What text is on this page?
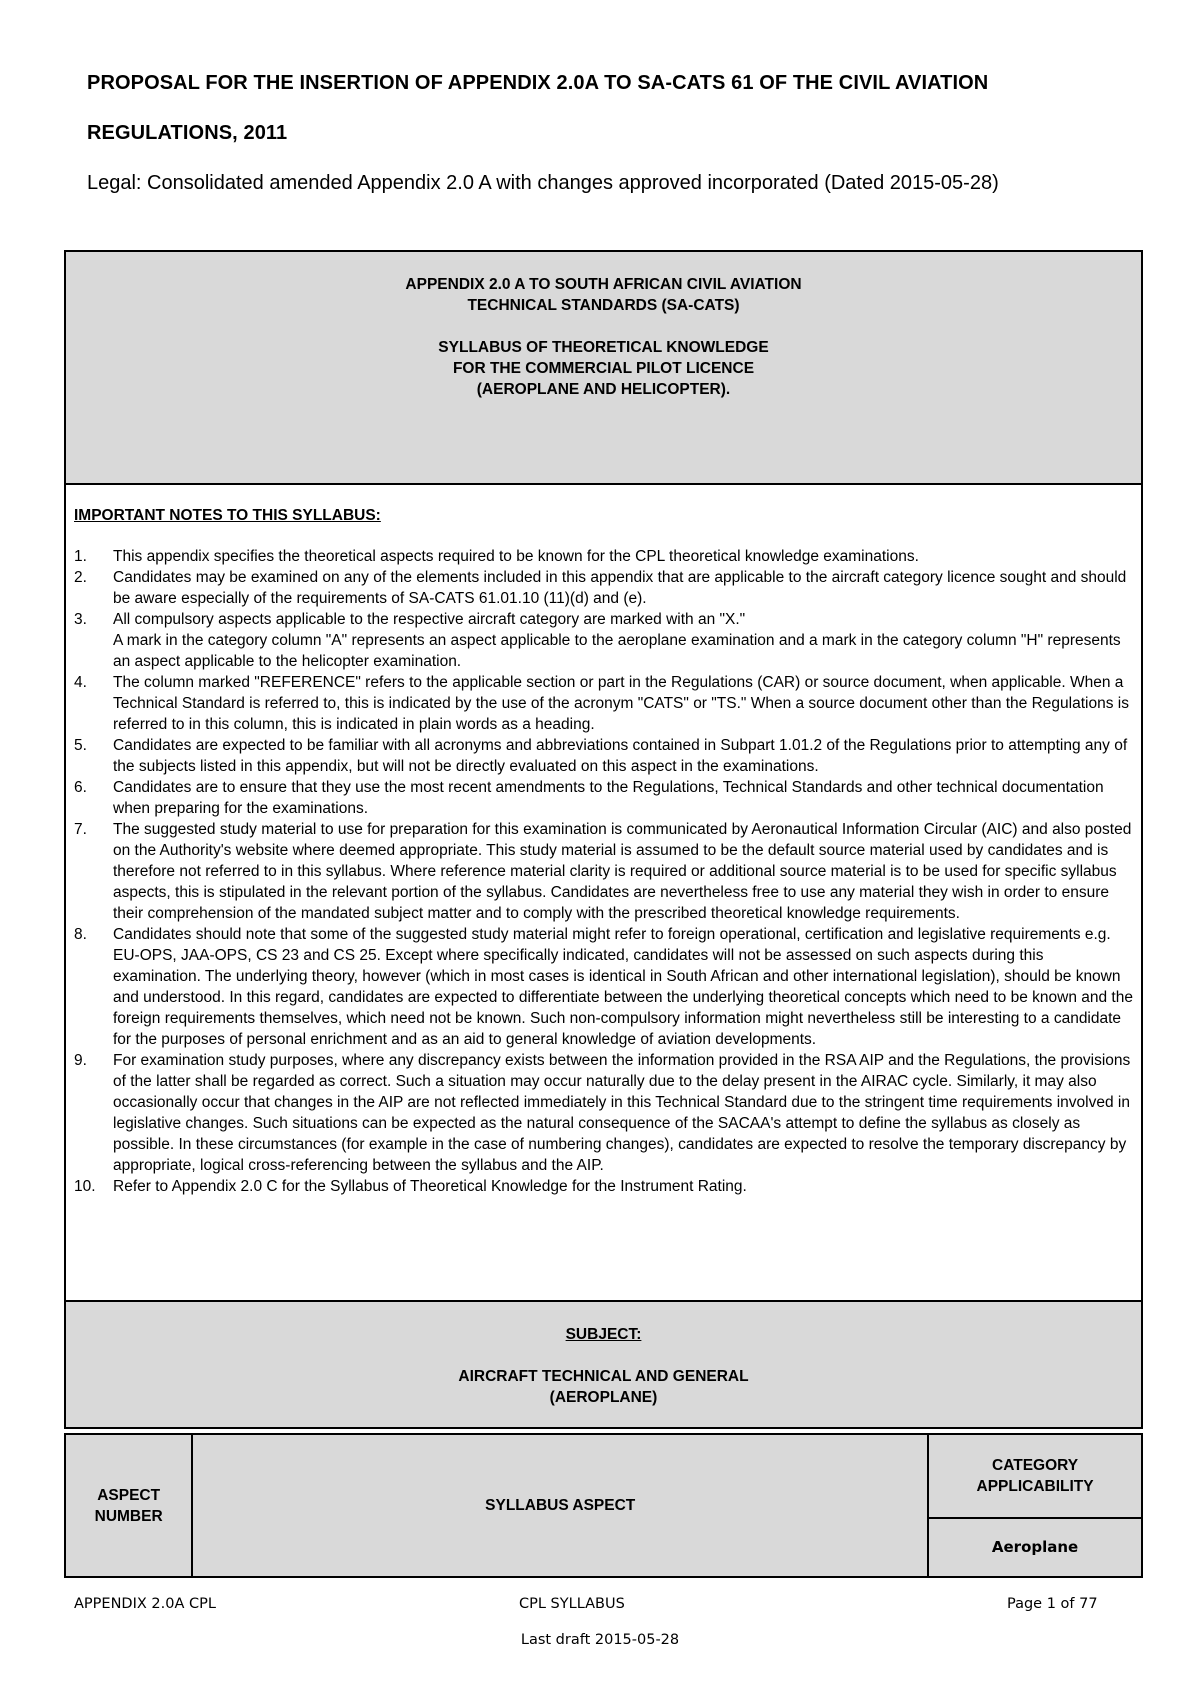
PROPOSAL FOR THE INSERTION OF APPENDIX 2.0A TO SA-CATS 61 OF THE CIVIL AVIATION
REGULATIONS, 2011
Legal: Consolidated amended Appendix 2.0 A with changes approved incorporated (Dated 2015-05-28)
APPENDIX 2.0 A TO SOUTH AFRICAN CIVIL AVIATION
TECHNICAL STANDARDS (SA-CATS)
SYLLABUS OF THEORETICAL KNOWLEDGE
FOR THE COMMERCIAL PILOT LICENCE
(AEROPLANE AND HELICOPTER).

IMPORTANT NOTES TO THIS SYLLABUS:
1. This appendix specifies the theoretical aspects required to be known for the CPL theoretical knowledge examinations.
2. Candidates may be examined on any of the elements included in this appendix that are applicable to the aircraft category licence sought and should be aware especially of the requirements of SA-CATS 61.01.10 (11)(d) and (e).
3. All compulsory aspects applicable to the respective aircraft category are marked with an "X."
A mark in the category column "A" represents an aspect applicable to the aeroplane examination and a mark in the category column "H" represents an aspect applicable to the helicopter examination.
4. The column marked "REFERENCE" refers to the applicable section or part in the Regulations (CAR) or source document, when applicable. When a Technical Standard is referred to, this is indicated by the use of the acronym "CATS" or "TS." When a source document other than the Regulations is referred to in this column, this is indicated in plain words as a heading.
5. Candidates are expected to be familiar with all acronyms and abbreviations contained in Subpart 1.01.2 of the Regulations prior to attempting any of the subjects listed in this appendix, but will not be directly evaluated on this aspect in the examinations.
6. Candidates are to ensure that they use the most recent amendments to the Regulations, Technical Standards and other technical documentation when preparing for the examinations.
7. The suggested study material to use for preparation for this examination is communicated by Aeronautical Information Circular (AIC) and also posted on the Authority's website where deemed appropriate. This study material is assumed to be the default source material used by candidates and is therefore not referred to in this syllabus. Where reference material clarity is required or additional source material is to be used for specific syllabus aspects, this is stipulated in the relevant portion of the syllabus. Candidates are nevertheless free to use any material they wish in order to ensure their comprehension of the mandated subject matter and to comply with the prescribed theoretical knowledge requirements.
8. Candidates should note that some of the suggested study material might refer to foreign operational, certification and legislative requirements e.g. EU-OPS, JAA-OPS, CS 23 and CS 25. Except where specifically indicated, candidates will not be assessed on such aspects during this examination. The underlying theory, however (which in most cases is identical in South African and other international legislation), should be known and understood. In this regard, candidates are expected to differentiate between the underlying theoretical concepts which need to be known and the foreign requirements themselves, which need not be known. Such non-compulsory information might nevertheless still be interesting to a candidate for the purposes of personal enrichment and as an aid to general knowledge of aviation developments.
9. For examination study purposes, where any discrepancy exists between the information provided in the RSA AIP and the Regulations, the provisions of the latter shall be regarded as correct. Such a situation may occur naturally due to the delay present in the AIRAC cycle. Similarly, it may also occasionally occur that changes in the AIP are not reflected immediately in this Technical Standard due to the stringent time requirements involved in legislative changes. Such situations can be expected as the natural consequence of the SACAA's attempt to define the syllabus as closely as possible. In these circumstances (for example in the case of numbering changes), candidates are expected to resolve the temporary discrepancy by appropriate, logical cross-referencing between the syllabus and the AIP.
10. Refer to Appendix 2.0 C for the Syllabus of Theoretical Knowledge for the Instrument Rating.

SUBJECT:
AIRCRAFT TECHNICAL AND GENERAL
(AEROPLANE)
ASPECT
NUMBER
	SYLLABUS ASPECT	
CATEGORY
APPLICABILITY

Aeroplane
APPENDIX 2.0A CPL	CPL SYLLABUS	Page 1 of 77
Last draft 2015-05-28
